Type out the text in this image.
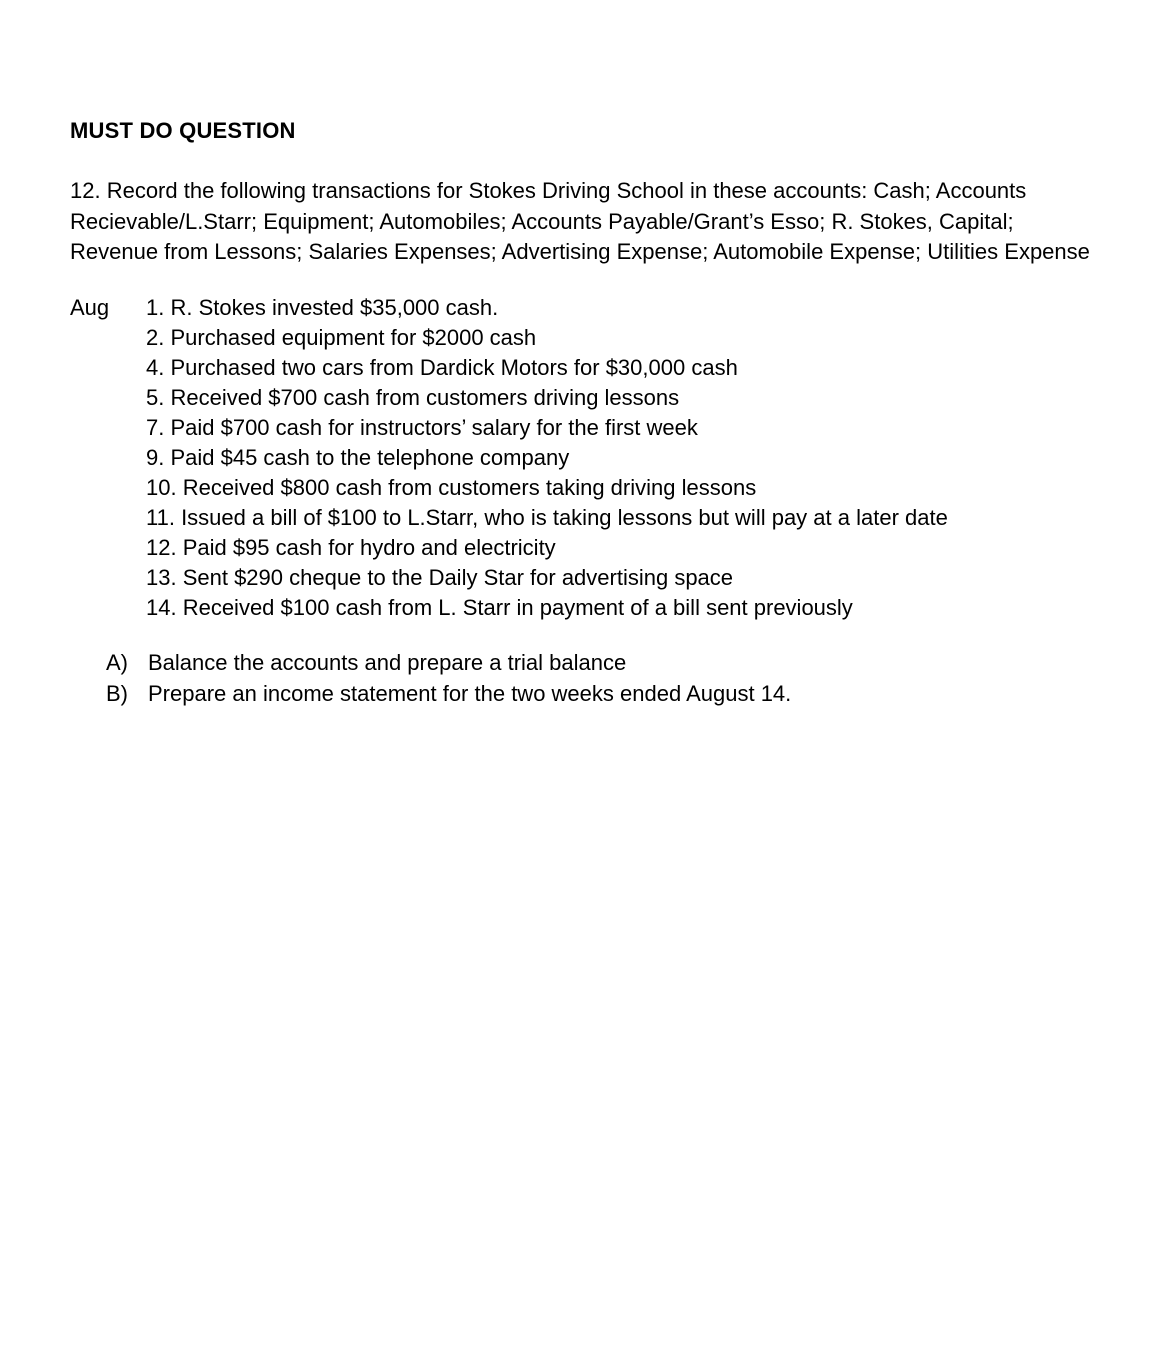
MUST DO QUESTION

12. Record the following transactions for Stokes Driving School in these accounts: Cash; Accounts Recievable/L.Starr; Equipment; Automobiles; Accounts Payable/Grant’s Esso; R. Stokes, Capital; Revenue from Lessons; Salaries Expenses; Advertising Expense; Automobile Expense; Utilities Expense

Aug	1. R. Stokes invested $35,000 cash.
2. Purchased equipment for $2000 cash
4. Purchased two cars from Dardick Motors for $30,000 cash
5. Received $700 cash from customers driving lessons
7. Paid $700 cash for instructors’ salary for the first week
9. Paid $45 cash to the telephone company
10. Received $800 cash from customers taking driving lessons
11. Issued a bill of $100 to L.Starr, who is taking lessons but will pay at a later date
12. Paid $95 cash for hydro and electricity
13. Sent $290 cheque to the Daily Star for advertising space
14. Received $100 cash from L. Starr in payment of a bill sent previously
A) Balance the accounts and prepare a trial balance
B) Prepare an income statement for the two weeks ended August 14.
